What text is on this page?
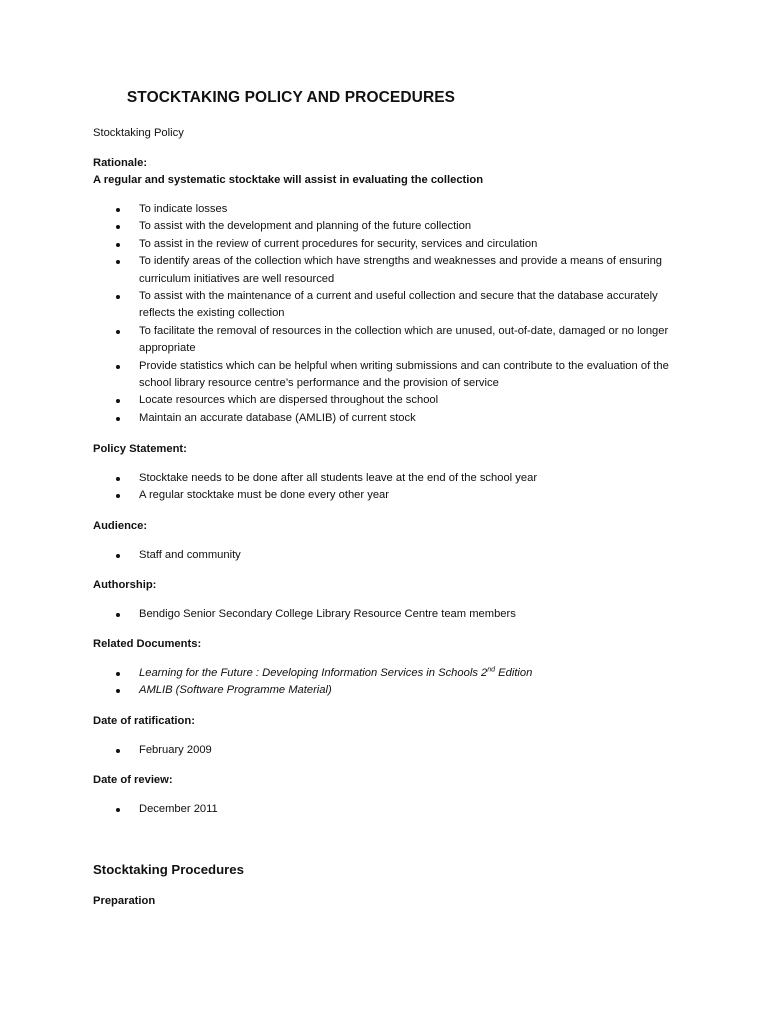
STOCKTAKING POLICY AND PROCEDURES

Stocktaking Policy

Rationale:

A regular and systematic stocktake will assist in evaluating the collection

To indicate losses
To assist with the development and planning of the future collection
To assist in the review of current procedures for security, services and circulation
To identify areas of the collection which have strengths and weaknesses and provide a means of ensuring curriculum initiatives are well resourced
To assist with the maintenance of a current and useful collection and secure that the database accurately reflects the existing collection
To facilitate the removal of resources in the collection which are unused, out-of-date, damaged or no longer appropriate
Provide statistics which can be helpful when writing submissions and can contribute to the evaluation of the school library resource centre’s performance and the provision of service
Locate resources which are dispersed throughout the school
Maintain an accurate database (AMLIB) of current stock

Policy Statement:

Stocktake needs to be done after all students leave at the end of the school year
A regular stocktake must be done every other year

Audience:

Staff and community

Authorship:

Bendigo Senior Secondary College Library Resource Centre team members

Related Documents:

Learning for the Future : Developing Information Services in Schools 2nd Edition
AMLIB (Software Programme Material)

Date of ratification:

February 2009

Date of review:

December 2011

Stocktaking Procedures

Preparation
